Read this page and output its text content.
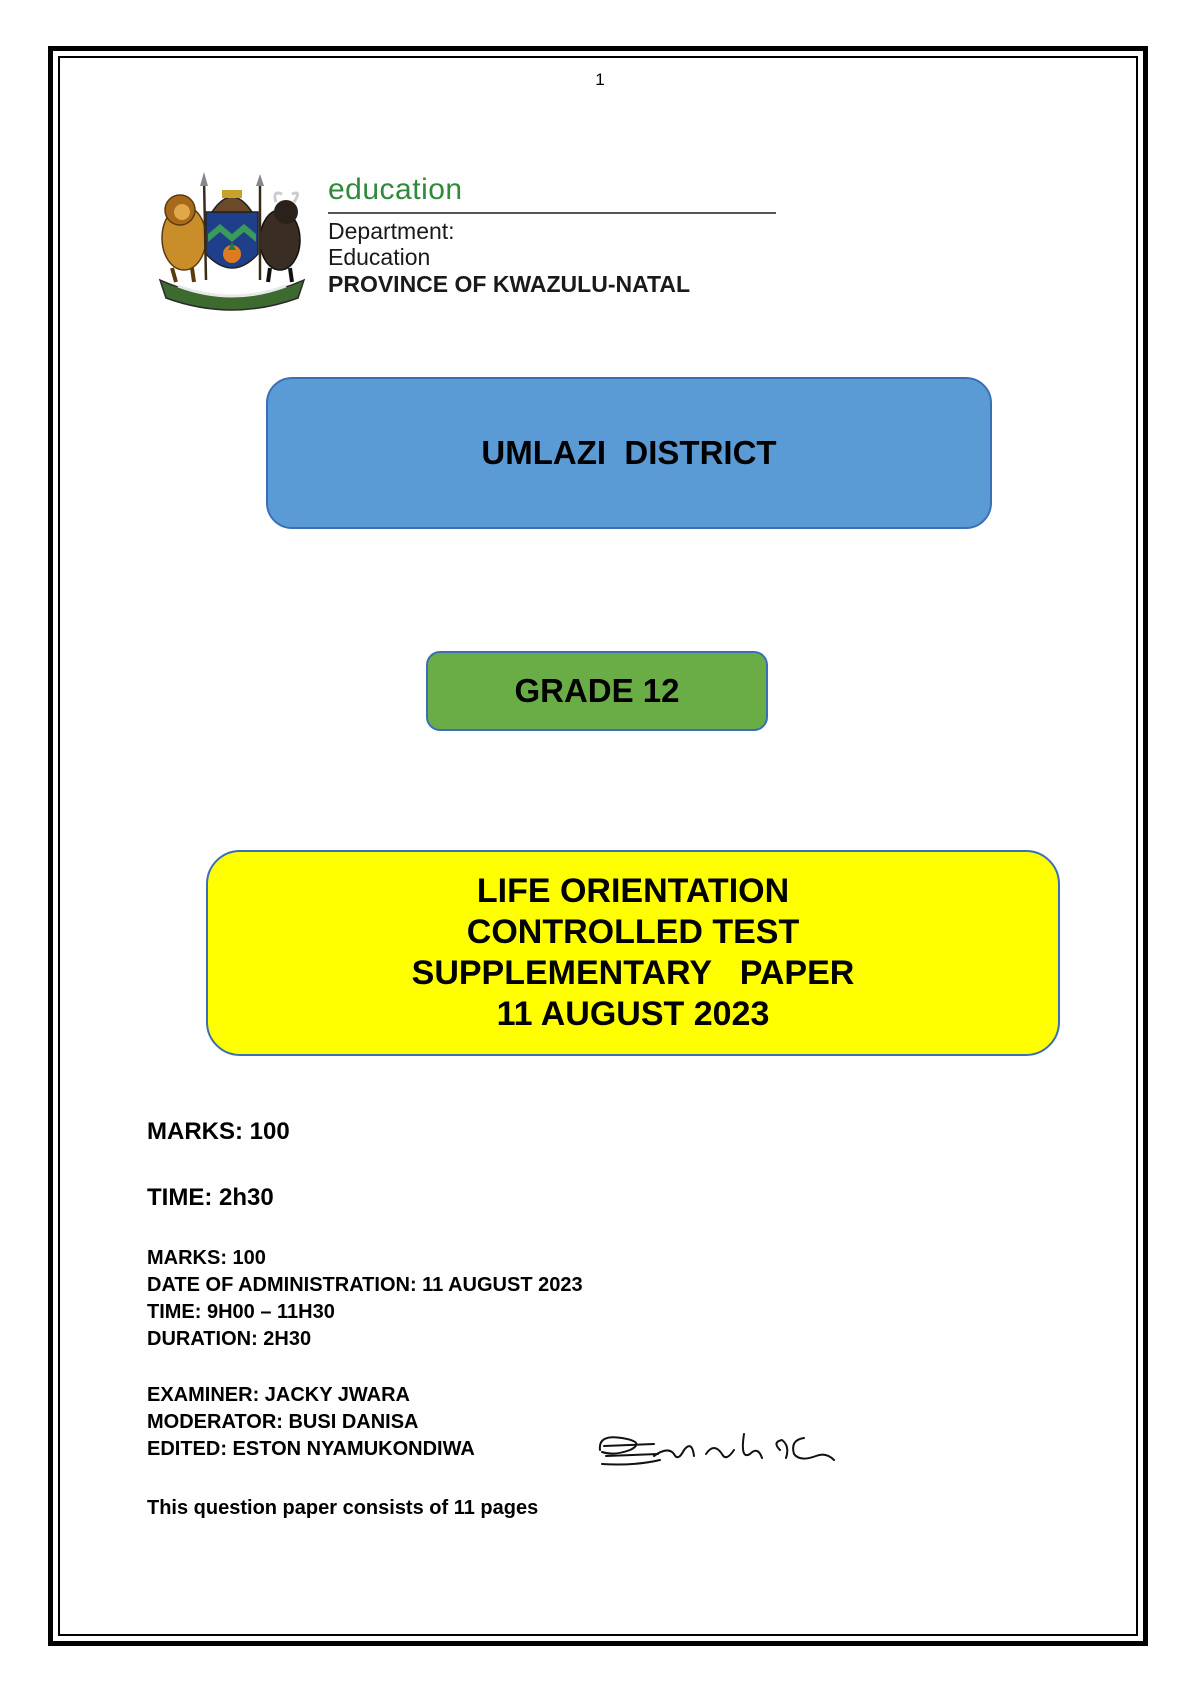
1
education
Department:
Education
PROVINCE OF KWAZULU-NATAL
UMLAZI  DISTRICT
GRADE 12
LIFE ORIENTATION
CONTROLLED TEST
SUPPLEMENTARY   PAPER
11 AUGUST 2023
MARKS: 100
TIME: 2h30
MARKS: 100
DATE OF ADMINISTRATION: 11 AUGUST 2023
TIME: 9H00 – 11H30
DURATION: 2H30
EXAMINER: JACKY JWARA
MODERATOR: BUSI DANISA
EDITED: ESTON NYAMUKONDIWA
This question paper consists of 11 pages
